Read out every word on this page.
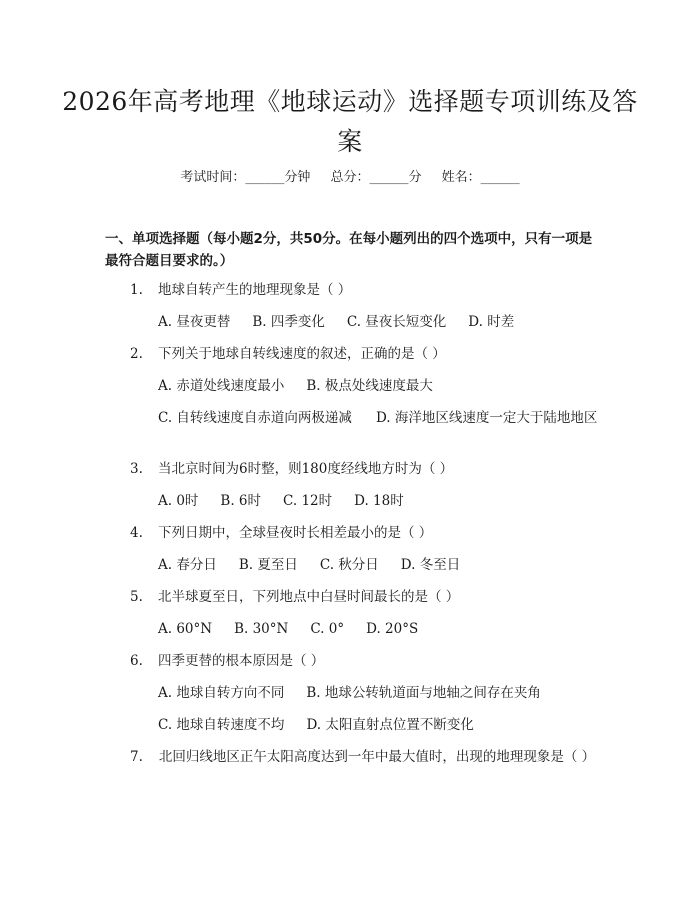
2026年高考地理《地球运动》选择题专项训练及答案
考试时间：______分钟 总分：______分 姓名：______
一、单项选择题（每小题2分，共50分。在每小题列出的四个选项中，只有一项是最符合题目要求的。）
1. 地球自转产生的地理现象是（ ）
A. 昼夜更替 B. 四季变化 C. 昼夜长短变化 D. 时差
2. 下列关于地球自转线速度的叙述，正确的是（ ）
A. 赤道处线速度最小 B. 极点处线速度最大
C. 自转线速度自赤道向两极递减 D. 海洋地区线速度一定大于陆地地区
3. 当北京时间为6时整，则180度经线地方时为（ ）
A. 0时 B. 6时 C. 12时 D. 18时
4. 下列日期中，全球昼夜时长相差最小的是（ ）
A. 春分日 B. 夏至日 C. 秋分日 D. 冬至日
5. 北半球夏至日，下列地点中白昼时间最长的是（ ）
A. 60°N B. 30°N C. 0° D. 20°S
6. 四季更替的根本原因是（ ）
A. 地球自转方向不同 B. 地球公转轨道面与地轴之间存在夹角
C. 地球自转速度不均 D. 太阳直射点位置不断变化
7. 北回归线地区正午太阳高度达到一年中最大值时，出现的地理现象是（ ）
